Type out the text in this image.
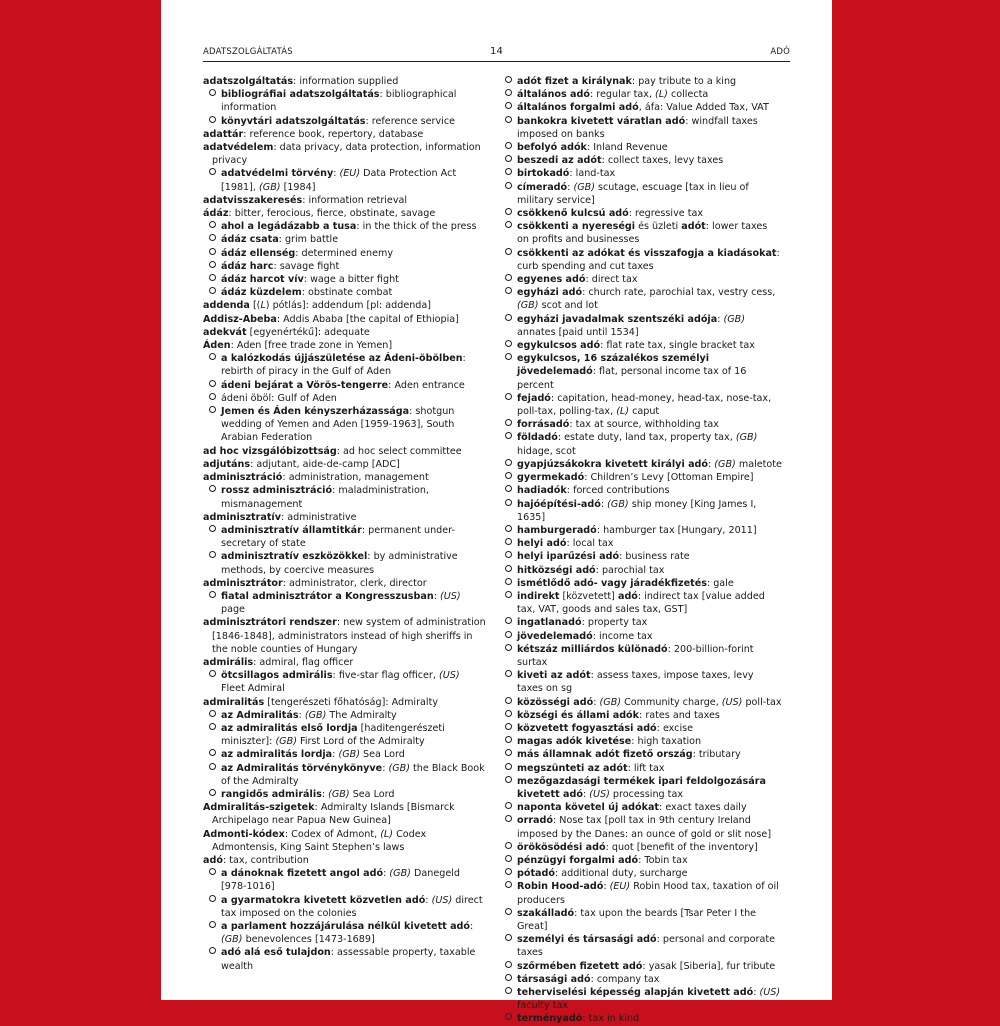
ADATSZOLGÁLTATÁS	14	ADÓ
adatszolgáltatás: information supplied
bibliográfiai adatszolgáltatás: bibliographical information
könyvtári adatszolgáltatás: reference service
adattár: reference book, repertory, database
adatvédelem: data privacy, data protection, information privacy
adatvédelmi törvény: (EU) Data Protection Act [1981], (GB) [1984]
adatvisszakeresés: information retrieval
ádáz: bitter, ferocious, fierce, obstinate, savage
ahol a legádázabb a tusa: in the thick of the press
ádáz csata: grim battle
ádáz ellenség: determined enemy
ádáz harc: savage fight
ádáz harcot vív: wage a bitter fight
ádáz küzdelem: obstinate combat
addenda [(L) pótlás]: addendum [pl: addenda]
Addisz-Abeba: Addis Ababa [the capital of Ethiopia]
adekvát [egyenértékű]: adequate
Áden: Aden [free trade zone in Yemen]
a kalózkodás újjászületése az Ádeni-öbölben: rebirth of piracy in the Gulf of Aden
ádeni bejárat a Vörös-tengerre: Aden entrance
ádeni öböl: Gulf of Aden
Jemen és Áden kényszerházassága: shotgun wedding of Yemen and Aden [1959-1963], South Arabian Federation
ad hoc vizsgálóbizottság: ad hoc select committee
adjutáns: adjutant, aide-de-camp [ADC]
adminisztráció: administration, management
rossz adminisztráció: maladministration, mismanagement
adminisztratív: administrative
adminisztratív államtitkár: permanent under-secretary of state
adminisztratív eszközökkel: by administrative methods, by coercive measures
adminisztrátor: administrator, clerk, director
fiatal adminisztrátor a Kongresszusban: (US) page
adminisztrátori rendszer: new system of administration [1846-1848], administrators instead of high sheriffs in the noble counties of Hungary
admirális: admiral, flag officer
ötcsillagos admirális: five-star flag officer, (US) Fleet Admiral
admiralitás [tengerészeti főhatóság]: Admiralty
az Admiralitás: (GB) The Admiralty
az admiralitás első lordja [haditengerészeti miniszter]: (GB) First Lord of the Admiralty
az admiralitás lordja: (GB) Sea Lord
az Admiralitás törvénykönyve: (GB) the Black Book of the Admiralty
rangidős admirális: (GB) Sea Lord
Admiralitás-szigetek: Admiralty Islands [Bismarck Archipelago near Papua New Guinea]
Admonti-kódex: Codex of Admont, (L) Codex Admontensis, King Saint Stephen’s laws
adó: tax, contribution
a dánoknak fizetett angol adó: (GB) Danegeld [978-1016]
a gyarmatokra kivetett közvetlen adó: (US) direct tax imposed on the colonies
a parlament hozzájárulása nélkül kivetett adó: (GB) benevolences [1473-1689]
adó alá eső tulajdon: assessable property, taxable wealth
adót fizet a királynak: pay tribute to a king
általános adó: regular tax, (L) collecta
általános forgalmi adó, áfa: Value Added Tax, VAT
bankokra kivetett váratlan adó: windfall taxes imposed on banks
befolyó adók: Inland Revenue
beszedi az adót: collect taxes, levy taxes
birtokadó: land-tax
címeradó: (GB) scutage, escuage [tax in lieu of military service]
csökkenő kulcsú adó: regressive tax
csökkenti a nyereségi és üzleti adót: lower taxes on profits and businesses
csökkenti az adókat és visszafogja a kiadásokat: curb spending and cut taxes
egyenes adó: direct tax
egyházi adó: church rate, parochial tax, vestry cess, (GB) scot and lot
egyházi javadalmak szentszéki adója: (GB) annates [paid until 1534]
egykulcsos adó: flat rate tax, single bracket tax
egykulcsos, 16 százalékos személyi jövedelemadó: flat, personal income tax of 16 percent
fejadó: capitation, head-money, head-tax, nose-tax, poll-tax, polling-tax, (L) caput
forrásadó: tax at source, withholding tax
földadó: estate duty, land tax, property tax, (GB) hidage, scot
gyapjúzsákokra kivetett királyi adó: (GB) maletote
gyermekadó: Children’s Levy [Ottoman Empire]
hadiadók: forced contributions
hajóépítési-adó: (GB) ship money [King James I, 1635]
hamburgeradó: hamburger tax [Hungary, 2011]
helyi adó: local tax
helyi iparűzési adó: business rate
hitközségi adó: parochial tax
ismétlődő adó- vagy járadékfizetés: gale
indirekt [közvetett] adó: indirect tax [value added tax, VAT, goods and sales tax, GST]
ingatlanadó: property tax
jövedelemadó: income tax
kétszáz milliárdos különadó: 200-billion-forint surtax
kiveti az adót: assess taxes, impose taxes, levy taxes on sg
közösségi adó: (GB) Community charge, (US) poll-tax
községi és állami adók: rates and taxes
közvetett fogyasztási adó: excise
magas adók kivetése: high taxation
más államnak adót fizető ország: tributary
megszünteti az adót: lift tax
mezőgazdasági termékek ipari feldolgozására kivetett adó: (US) processing tax
naponta követel új adókat: exact taxes daily
orradó: Nose tax [poll tax in 9th century Ireland imposed by the Danes: an ounce of gold or slit nose]
örökösödési adó: quot [benefit of the inventory]
pénzügyi forgalmi adó: Tobin tax
pótadó: additional duty, surcharge
Robin Hood-adó: (EU) Robin Hood tax, taxation of oil producers
szakálladó: tax upon the beards [Tsar Peter I the Great]
személyi és társasági adó: personal and corporate taxes
szőrmében fizetett adó: yasak [Siberia], fur tribute
társasági adó: company tax
teherviselési képesség alapján kivetett adó: (US) faculty tax
terményadó: tax in kind
